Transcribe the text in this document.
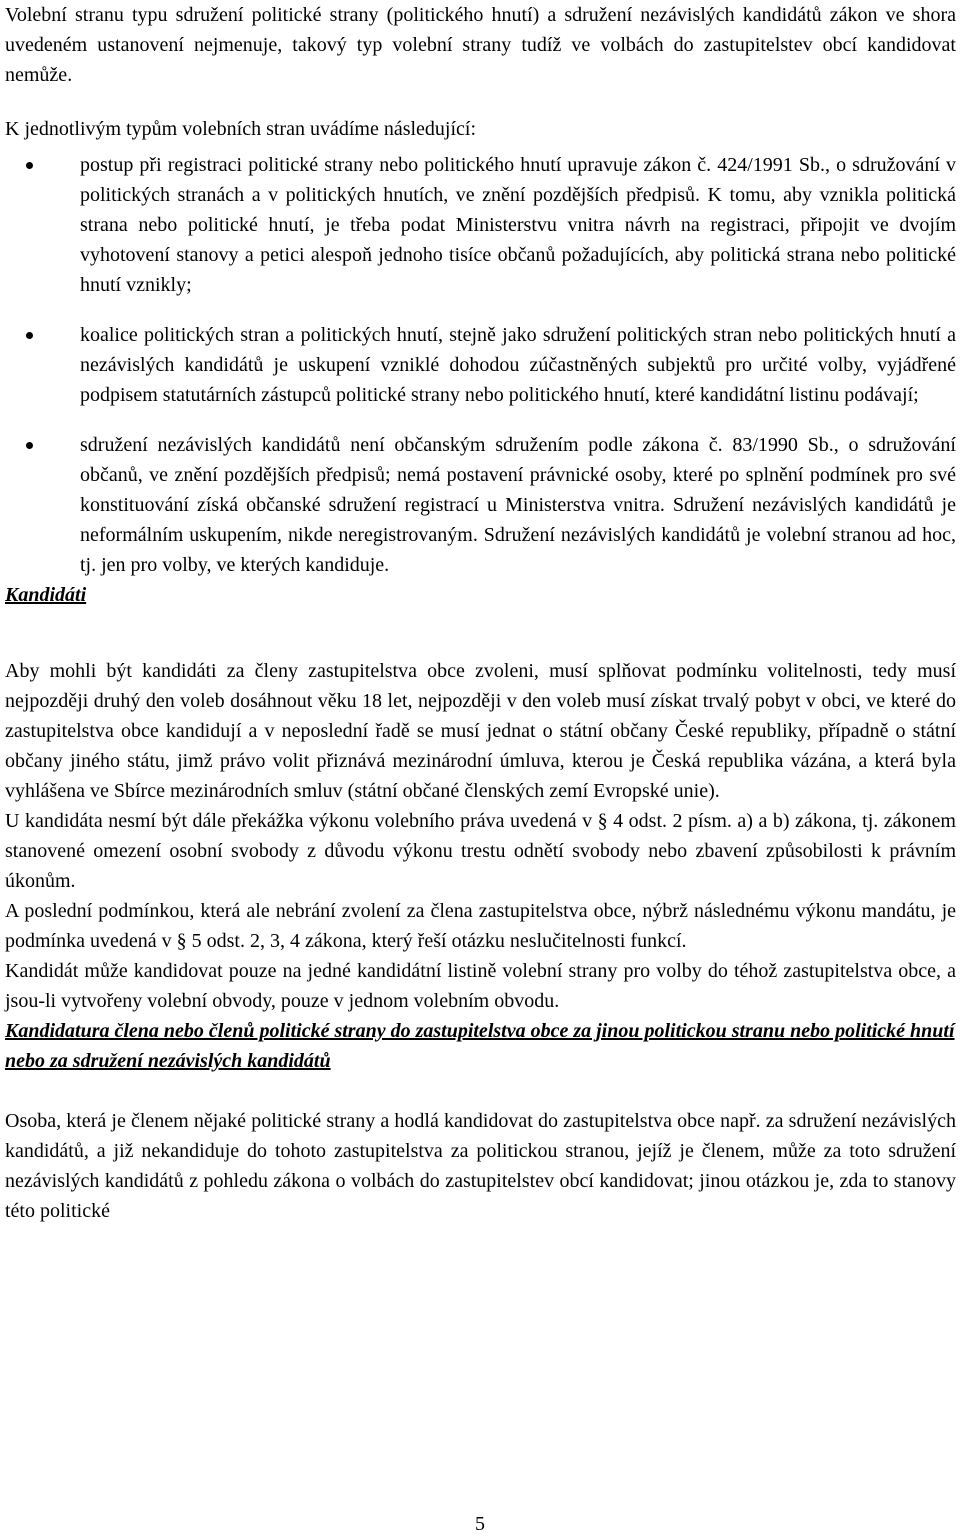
Volební stranu typu sdružení politické strany (politického hnutí) a sdružení nezávislých kandidátů zákon ve shora uvedeném ustanovení nejmenuje, takový typ volební strany tudíž ve volbách do zastupitelstev obcí kandidovat nemůže.

K jednotlivým typům volebních stran uvádíme následující:

postup při registraci politické strany nebo politického hnutí upravuje zákon č. 424/1991 Sb., o sdružování v politických stranách a v politických hnutích, ve znění pozdějších předpisů. K tomu, aby vznikla politická strana nebo politické hnutí, je třeba podat Ministerstvu vnitra návrh na registraci, připojit ve dvojím vyhotovení stanovy a petici alespoň jednoho tisíce občanů požadujících, aby politická strana nebo politické hnutí vznikly;
koalice politických stran a politických hnutí, stejně jako sdružení politických stran nebo politických hnutí a nezávislých kandidátů je uskupení vzniklé dohodou zúčastněných subjektů pro určité volby, vyjádřené podpisem statutárních zástupců politické strany nebo politického hnutí, které kandidátní listinu podávají;
sdružení nezávislých kandidátů není občanským sdružením podle zákona č. 83/1990 Sb., o sdružování občanů, ve znění pozdějších předpisů; nemá postavení právnické osoby, které po splnění podmínek pro své konstituování získá občanské sdružení registrací u Ministerstva vnitra. Sdružení nezávislých kandidátů je neformálním uskupením, nikde neregistrovaným. Sdružení nezávislých kandidátů je volební stranou ad hoc, tj. jen pro volby, ve kterých kandiduje.
Kandidáti

Aby mohli být kandidáti za členy zastupitelstva obce zvoleni, musí splňovat podmínku volitelnosti, tedy musí nejpozději druhý den voleb dosáhnout věku 18 let, nejpozději v den voleb musí získat trvalý pobyt v obci, ve které do zastupitelstva obce kandidují a v neposlední řadě se musí jednat o státní občany České republiky, případně o státní občany jiného státu, jimž právo volit přiznává mezinárodní úmluva, kterou je Česká republika vázána, a která byla vyhlášena ve Sbírce mezinárodních smluv (státní občané členských zemí Evropské unie).

U kandidáta nesmí být dále překážka výkonu volebního práva uvedená v § 4 odst. 2 písm. a) a b) zákona, tj. zákonem stanovené omezení osobní svobody z důvodu výkonu trestu odnětí svobody nebo zbavení způsobilosti k právním úkonům.

A poslední podmínkou, která ale nebrání zvolení za člena zastupitelstva obce, nýbrž následnému výkonu mandátu, je podmínka uvedená v § 5 odst. 2, 3, 4 zákona, který řeší otázku neslučitelnosti funkcí.

Kandidát může kandidovat pouze na jedné kandidátní listině volební strany pro volby do téhož zastupitelstva obce, a jsou-li vytvořeny volební obvody, pouze v jednom volebním obvodu.

Kandidatura člena nebo členů politické strany do zastupitelstva obce za jinou politickou stranu nebo politické hnutí nebo za sdružení nezávislých kandidátů

Osoba, která je členem nějaké politické strany a hodlá kandidovat do zastupitelstva obce např. za sdružení nezávislých kandidátů, a již nekandiduje do tohoto zastupitelstva za politickou stranou, jejíž je členem, může za toto sdružení nezávislých kandidátů z pohledu zákona o volbách do zastupitelstev obcí kandidovat; jinou otázkou je, zda to stanovy této politické

5
